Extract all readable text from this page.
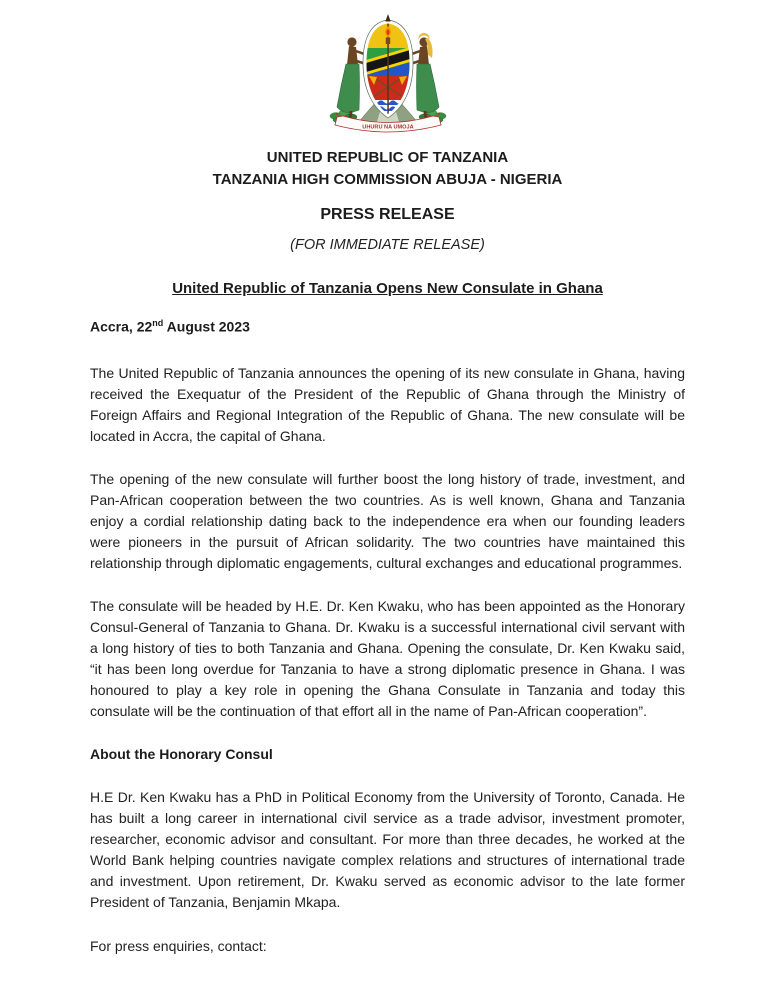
UHURU NA UMOJA
UNITED REPUBLIC OF TANZANIA
TANZANIA HIGH COMMISSION ABUJA - NIGERIA
PRESS RELEASE
(FOR IMMEDIATE RELEASE)
United Republic of Tanzania Opens New Consulate in Ghana
Accra, 22nd August 2023

The United Republic of Tanzania announces the opening of its new consulate in Ghana, having received the Exequatur of the President of the Republic of Ghana through the Ministry of Foreign Affairs and Regional Integration of the Republic of Ghana. The new consulate will be located in Accra, the capital of Ghana.

The opening of the new consulate will further boost the long history of trade, investment, and Pan-African cooperation between the two countries. As is well known, Ghana and Tanzania enjoy a cordial relationship dating back to the independence era when our founding leaders were pioneers in the pursuit of African solidarity. The two countries have maintained this relationship through diplomatic engagements, cultural exchanges and educational programmes.

The consulate will be headed by H.E. Dr. Ken Kwaku, who has been appointed as the Honorary Consul-General of Tanzania to Ghana. Dr. Kwaku is a successful international civil servant with a long history of ties to both Tanzania and Ghana. Opening the consulate, Dr. Ken Kwaku said, “it has been long overdue for Tanzania to have a strong diplomatic presence in Ghana. I was honoured to play a key role in opening the Ghana Consulate in Tanzania and today this consulate will be the continuation of that effort all in the name of Pan-African cooperation”.

About the Honorary Consul

H.E Dr. Ken Kwaku has a PhD in Political Economy from the University of Toronto, Canada. He has built a long career in international civil service as a trade advisor, investment promoter, researcher, economic advisor and consultant. For more than three decades, he worked at the World Bank helping countries navigate complex relations and structures of international trade and investment. Upon retirement, Dr. Kwaku served as economic advisor to the late former President of Tanzania, Benjamin Mkapa.

For press enquiries, contact:
